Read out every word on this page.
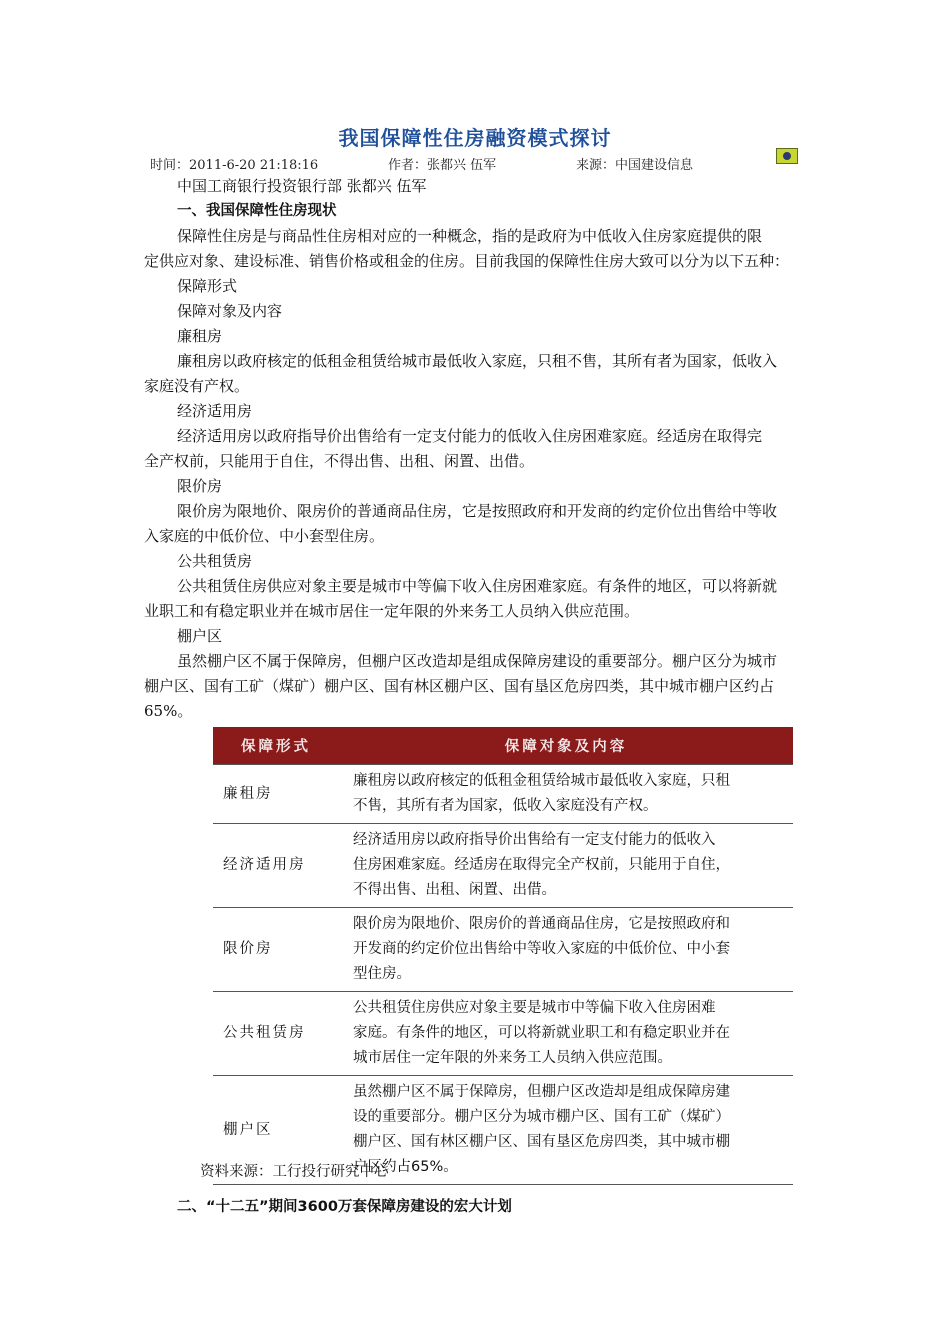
我国保障性住房融资模式探讨
时间：2011-6-20 21:18:16	作者：张都兴 伍军	来源：中国建设信息
中国工商银行投资银行部 张都兴 伍军
一、我国保障性住房现状
保障性住房是与商品性住房相对应的一种概念，指的是政府为中低收入住房家庭提供的限
定供应对象、建设标准、销售价格或租金的住房。目前我国的保障性住房大致可以分为以下五种：
保障形式
保障对象及内容
廉租房
廉租房以政府核定的低租金租赁给城市最低收入家庭，只租不售，其所有者为国家，低收入
家庭没有产权。
经济适用房
经济适用房以政府指导价出售给有一定支付能力的低收入住房困难家庭。经适房在取得完
全产权前，只能用于自住，不得出售、出租、闲置、出借。
限价房
限价房为限地价、限房价的普通商品住房，它是按照政府和开发商的约定价位出售给中等收
入家庭的中低价位、中小套型住房。
公共租赁房
公共租赁住房供应对象主要是城市中等偏下收入住房困难家庭。有条件的地区，可以将新就
业职工和有稳定职业并在城市居住一定年限的外来务工人员纳入供应范围。
棚户区
虽然棚户区不属于保障房，但棚户区改造却是组成保障房建设的重要部分。棚户区分为城市
棚户区、国有工矿（煤矿）棚户区、国有林区棚户区、国有垦区危房四类，其中城市棚户区约占
65%。
保障形式	保障对象及内容
廉租房	廉租房以政府核定的低租金租赁给城市最低收入家庭，只租
不售，其所有者为国家，低收入家庭没有产权。

经济适用房	经济适用房以政府指导价出售给有一定支付能力的低收入
住房困难家庭。经适房在取得完全产权前，只能用于自住，
不得出售、出租、闲置、出借。

限价房	限价房为限地价、限房价的普通商品住房，它是按照政府和
开发商的约定价位出售给中等收入家庭的中低价位、中小套
型住房。

公共租赁房	公共租赁住房供应对象主要是城市中等偏下收入住房困难
家庭。有条件的地区，可以将新就业职工和有稳定职业并在
城市居住一定年限的外来务工人员纳入供应范围。

棚户区	虽然棚户区不属于保障房，但棚户区改造却是组成保障房建
设的重要部分。棚户区分为城市棚户区、国有工矿（煤矿）
棚户区、国有林区棚户区、国有垦区危房四类，其中城市棚
户区约占65%。
资料来源：工行投行研究中心
二、“十二五”期间3600万套保障房建设的宏大计划
